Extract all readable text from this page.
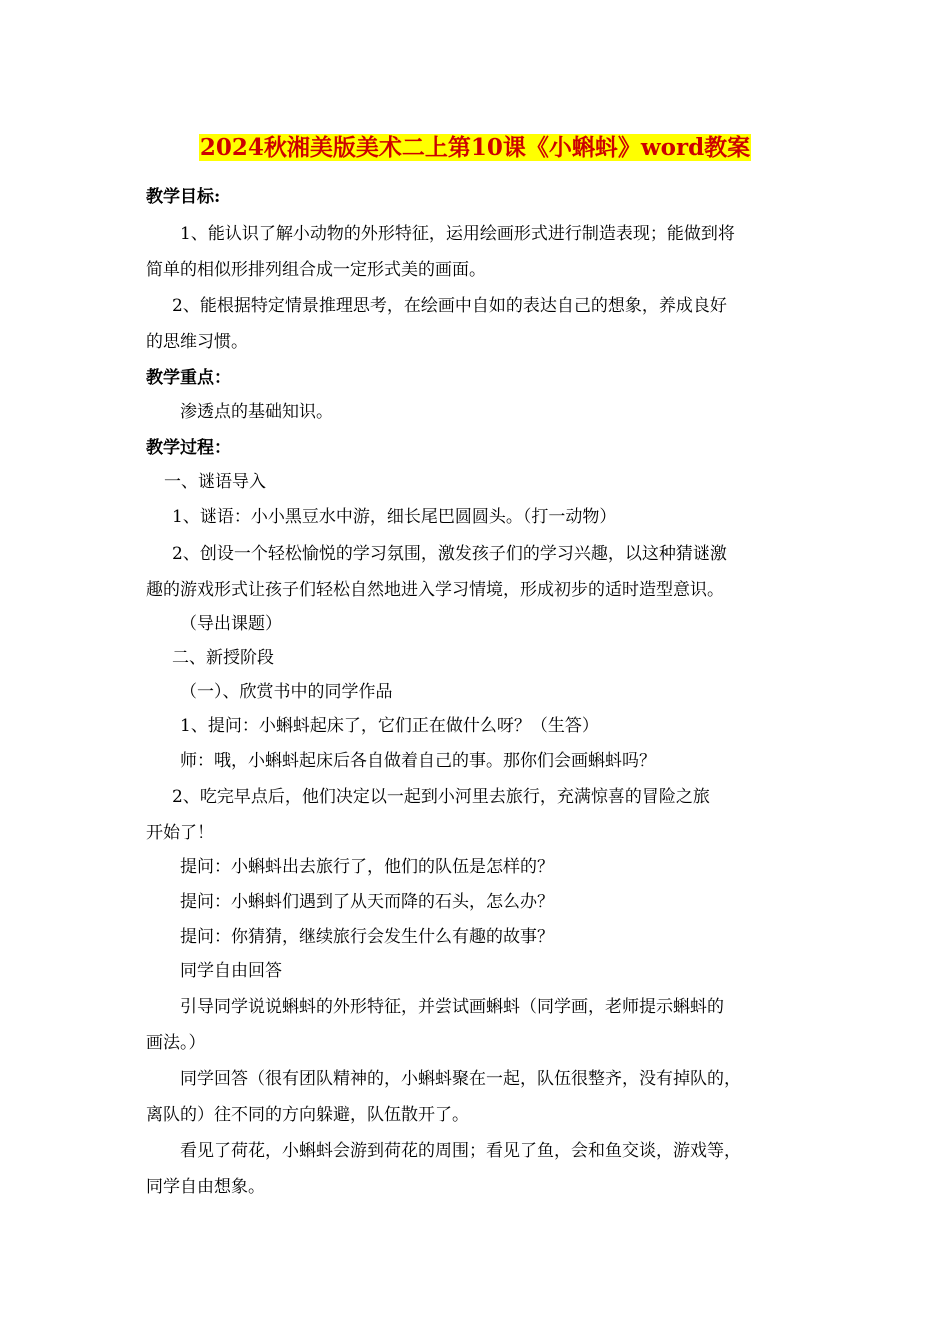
2024秋湘美版美术二上第10课《小蝌蚪》word教案
教学目标:
1、能认识了解小动物的外形特征，运用绘画形式进行制造表现；能做到将
简单的相似形排列组合成一定形式美的画面。
2、能根据特定情景推理思考，在绘画中自如的表达自己的想象，养成良好
的思维习惯。
教学重点：
渗透点的基础知识。
教学过程：
一、谜语导入
1、谜语：小小黑豆水中游，细长尾巴圆圆头。（打一动物）
2、创设一个轻松愉悦的学习氛围，激发孩子们的学习兴趣，以这种猜谜激
趣的游戏形式让孩子们轻松自然地进入学习情境，形成初步的适时造型意识。
（导出课题）
二、新授阶段
（一）、欣赏书中的同学作品
1、提问：小蝌蚪起床了，它们正在做什么呀？（生答）
师：哦，小蝌蚪起床后各自做着自己的事。那你们会画蝌蚪吗？
2、吃完早点后，他们决定以一起到小河里去旅行，充满惊喜的冒险之旅
开始了！
提问：小蝌蚪出去旅行了，他们的队伍是怎样的？
提问：小蝌蚪们遇到了从天而降的石头，怎么办？
提问：你猜猜，继续旅行会发生什么有趣的故事？
同学自由回答
引导同学说说蝌蚪的外形特征，并尝试画蝌蚪（同学画，老师提示蝌蚪的
画法。）
同学回答（很有团队精神的，小蝌蚪聚在一起，队伍很整齐，没有掉队的，
离队的）往不同的方向躲避，队伍散开了。
看见了荷花，小蝌蚪会游到荷花的周围；看见了鱼，会和鱼交谈，游戏等，
同学自由想象。
